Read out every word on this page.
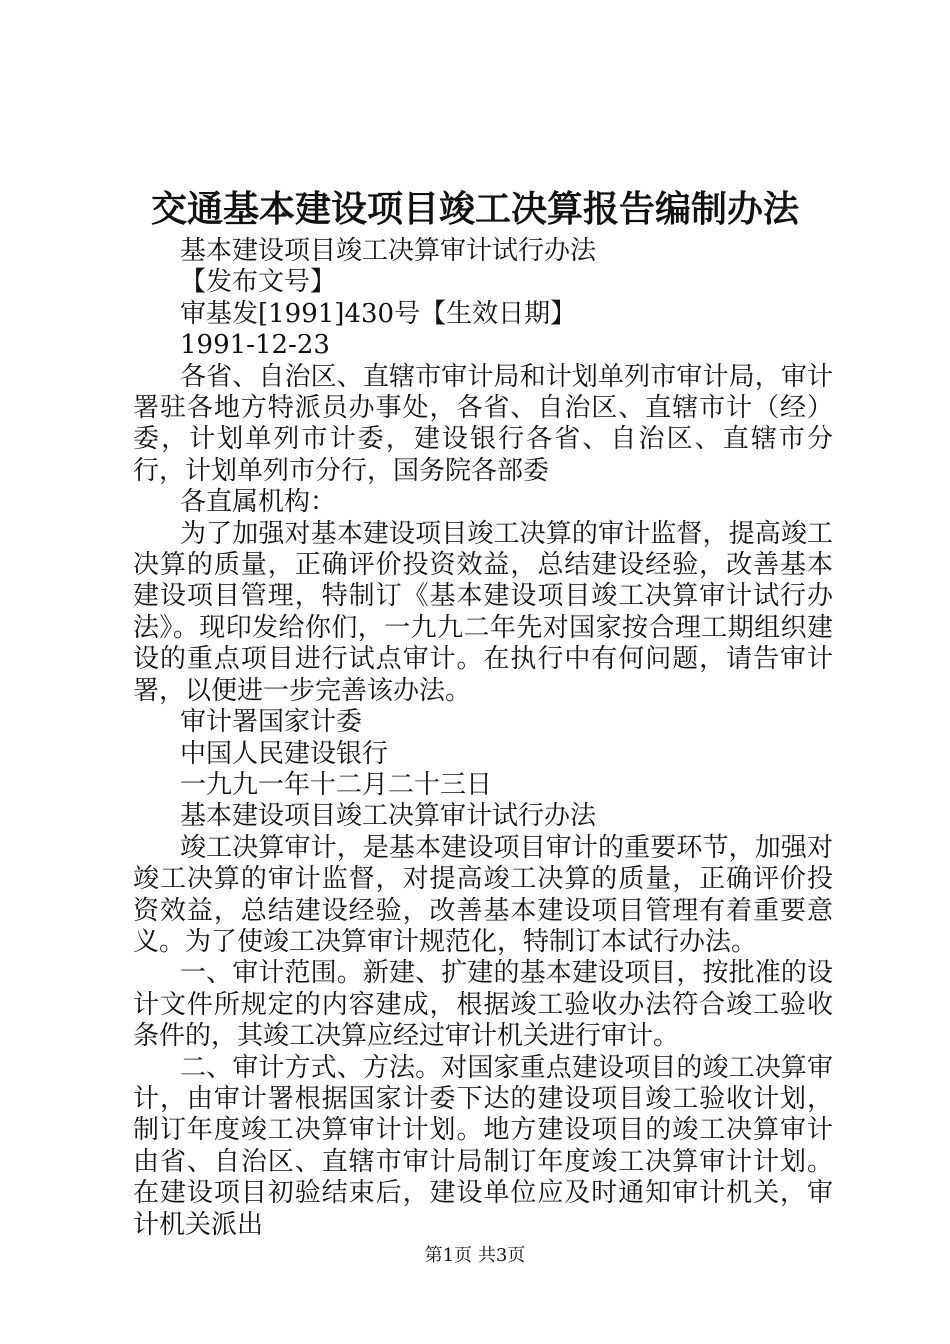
交通基本建设项目竣工决算报告编制办法

基本建设项目竣工决算审计试行办法

【发布文号】

审基发[1991]430号【生效日期】

1991-12-23

各省、自治区、直辖市审计局和计划单列市审计局，审计署驻各地方特派员办事处，各省、自治区、直辖市计（经）委，计划单列市计委，建设银行各省、自治区、直辖市分行，计划单列市分行，国务院各部委

各直属机构：

为了加强对基本建设项目竣工决算的审计监督，提高竣工决算的质量，正确评价投资效益，总结建设经验，改善基本建设项目管理，特制订《基本建设项目竣工决算审计试行办法》。现印发给你们，一九九二年先对国家按合理工期组织建设的重点项目进行试点审计。在执行中有何问题，请告审计署，以便进一步完善该办法。

审计署国家计委

中国人民建设银行

一九九一年十二月二十三日

基本建设项目竣工决算审计试行办法

竣工决算审计，是基本建设项目审计的重要环节，加强对竣工决算的审计监督，对提高竣工决算的质量，正确评价投资效益，总结建设经验，改善基本建设项目管理有着重要意义。为了使竣工决算审计规范化，特制订本试行办法。

一、审计范围。新建、扩建的基本建设项目，按批准的设计文件所规定的内容建成，根据竣工验收办法符合竣工验收条件的，其竣工决算应经过审计机关进行审计。

二、审计方式、方法。对国家重点建设项目的竣工决算审计，由审计署根据国家计委下达的建设项目竣工验收计划，制订年度竣工决算审计计划。地方建设项目的竣工决算审计由省、自治区、直辖市审计局制订年度竣工决算审计计划。在建设项目初验结束后，建设单位应及时通知审计机关，审计机关派出

第1页 共3页
